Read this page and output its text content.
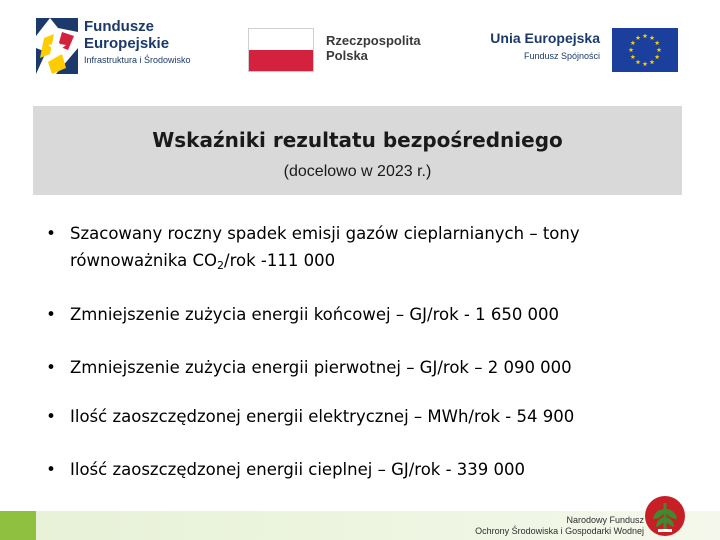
Fundusze
Europejskie
Infrastruktura i Środowisko
Rzeczpospolita
Polska
Unia Europejska
Fundusz Spójności
Wskaźniki rezultatu bezpośredniego
(docelowo w 2023 r.)
• Szacowany roczny spadek emisji gazów cieplarnianych – tony
równoważnika $CO_2$/rok -111 000
• Zmniejszenie zużycia energii końcowej – GJ/rok - 1 650 000
• Zmniejszenie zużycia energii pierwotnej – GJ/rok – 2 090 000
• Ilość zaoszczędzonej energii elektrycznej – MWh/rok - 54 900
• Ilość zaoszczędzonej energii cieplnej – GJ/rok - 339 000
Narodowy Fundusz
Ochrony Środowiska i Gospodarki Wodnej
